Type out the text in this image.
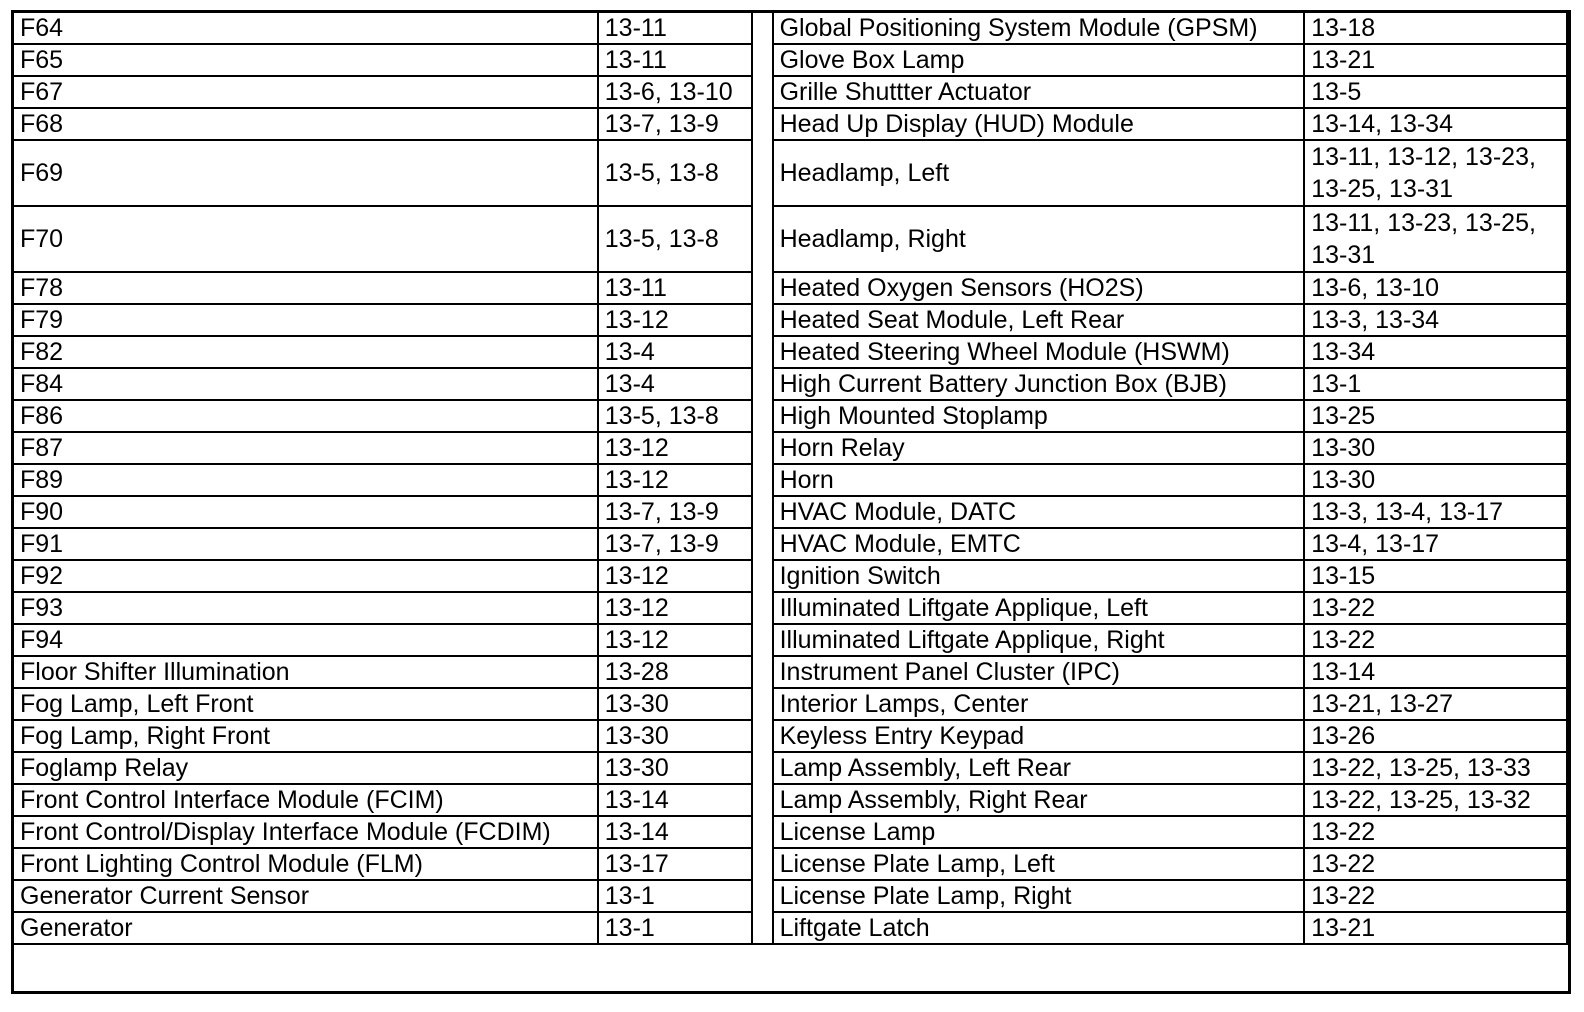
F64	13-11		Global Positioning System Module (GPSM)	13-18
F65	13-11		Glove Box Lamp	13-21
F67	13-6, 13-10		Grille Shuttter Actuator	13-5
F68	13-7, 13-9		Head Up Display (HUD) Module	13-14, 13-34
F69	13-5, 13-8		Headlamp, Left	13-11, 13-12, 13-23, 13-25, 13-31
F70	13-5, 13-8		Headlamp, Right	13-11, 13-23, 13-25, 13-31
F78	13-11		Heated Oxygen Sensors (HO2S)	13-6, 13-10
F79	13-12		Heated Seat Module, Left Rear	13-3, 13-34
F82	13-4		Heated Steering Wheel Module (HSWM)	13-34
F84	13-4		High Current Battery Junction Box (BJB)	13-1
F86	13-5, 13-8		High Mounted Stoplamp	13-25
F87	13-12		Horn Relay	13-30
F89	13-12		Horn	13-30
F90	13-7, 13-9		HVAC Module, DATC	13-3, 13-4, 13-17
F91	13-7, 13-9		HVAC Module, EMTC	13-4, 13-17
F92	13-12		Ignition Switch	13-15
F93	13-12		Illuminated Liftgate Applique, Left	13-22
F94	13-12		Illuminated Liftgate Applique, Right	13-22
Floor Shifter Illumination	13-28		Instrument Panel Cluster (IPC)	13-14
Fog Lamp, Left Front	13-30		Interior Lamps, Center	13-21, 13-27
Fog Lamp, Right Front	13-30		Keyless Entry Keypad	13-26
Foglamp Relay	13-30		Lamp Assembly, Left Rear	13-22, 13-25, 13-33
Front Control Interface Module (FCIM)	13-14		Lamp Assembly, Right Rear	13-22, 13-25, 13-32
Front Control/Display Interface Module (FCDIM)	13-14		License Lamp	13-22
Front Lighting Control Module (FLM)	13-17		License Plate Lamp, Left	13-22
Generator Current Sensor	13-1		License Plate Lamp, Right	13-22
Generator	13-1		Liftgate Latch	13-21
